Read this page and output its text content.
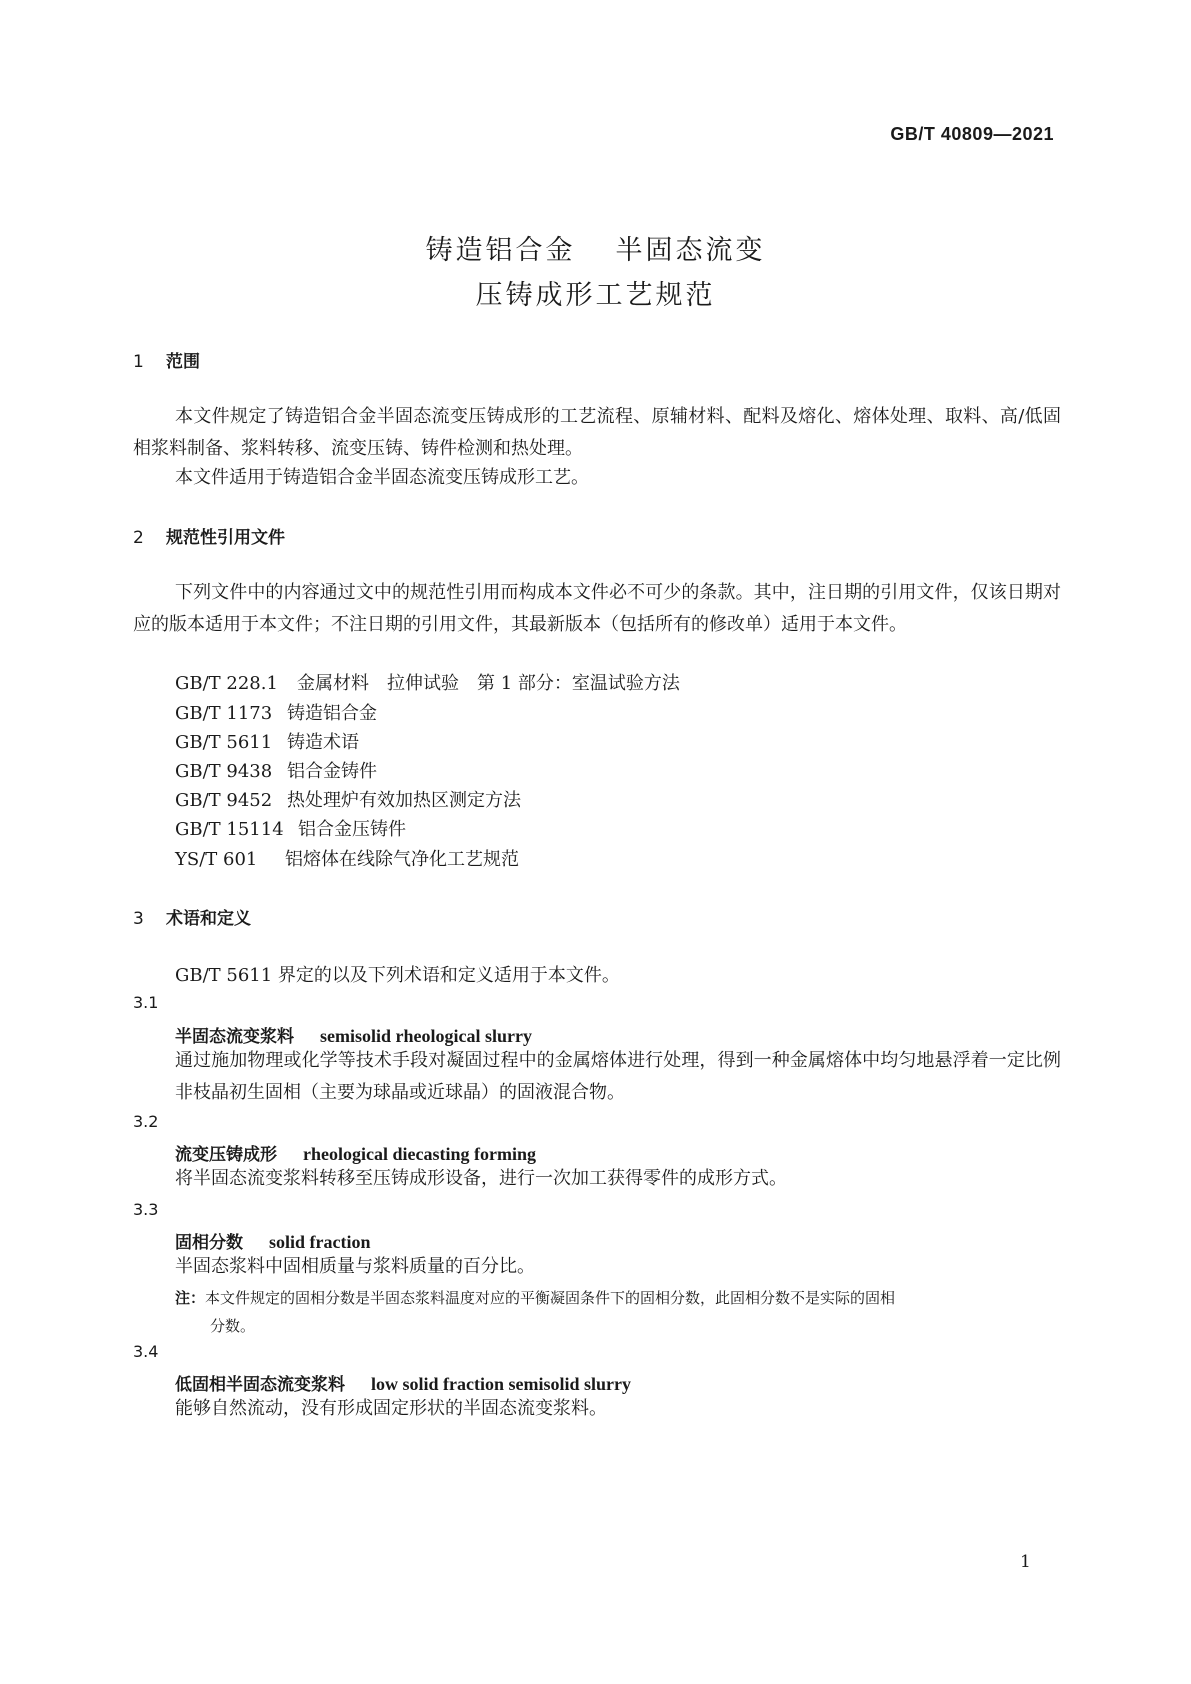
GB/T 40809—2021
铸造铝合金 半固态流变
压铸成形工艺规范
1 范围
本文件规定了铸造铝合金半固态流变压铸成形的工艺流程、原辅材料、配料及熔化、熔体处理、取料、高/低固相浆料制备、浆料转移、流变压铸、铸件检测和热处理。
本文件适用于铸造铝合金半固态流变压铸成形工艺。
2 规范性引用文件
下列文件中的内容通过文中的规范性引用而构成本文件必不可少的条款。其中，注日期的引用文件，仅该日期对应的版本适用于本文件；不注日期的引用文件，其最新版本（包括所有的修改单）适用于本文件。
GB/T 228.1 金属材料　拉伸试验　第 1 部分：室温试验方法
GB/T 1173 铸造铝合金
GB/T 5611 铸造术语
GB/T 9438 铝合金铸件
GB/T 9452 热处理炉有效加热区测定方法
GB/T 15114 铝合金压铸件
YS/T 601 铝熔体在线除气净化工艺规范
3 术语和定义
GB/T 5611 界定的以及下列术语和定义适用于本文件。
3.1
半固态流变浆料 semisolid rheological slurry
通过施加物理或化学等技术手段对凝固过程中的金属熔体进行处理，得到一种金属熔体中均匀地悬浮着一定比例非枝晶初生固相（主要为球晶或近球晶）的固液混合物。
3.2
流变压铸成形 rheological diecasting forming
将半固态流变浆料转移至压铸成形设备，进行一次加工获得零件的成形方式。
3.3
固相分数 solid fraction
半固态浆料中固相质量与浆料质量的百分比。
注：本文件规定的固相分数是半固态浆料温度对应的平衡凝固条件下的固相分数，此固相分数不是实际的固相
分数。
3.4
低固相半固态流变浆料 low solid fraction semisolid slurry
能够自然流动，没有形成固定形状的半固态流变浆料。
1
